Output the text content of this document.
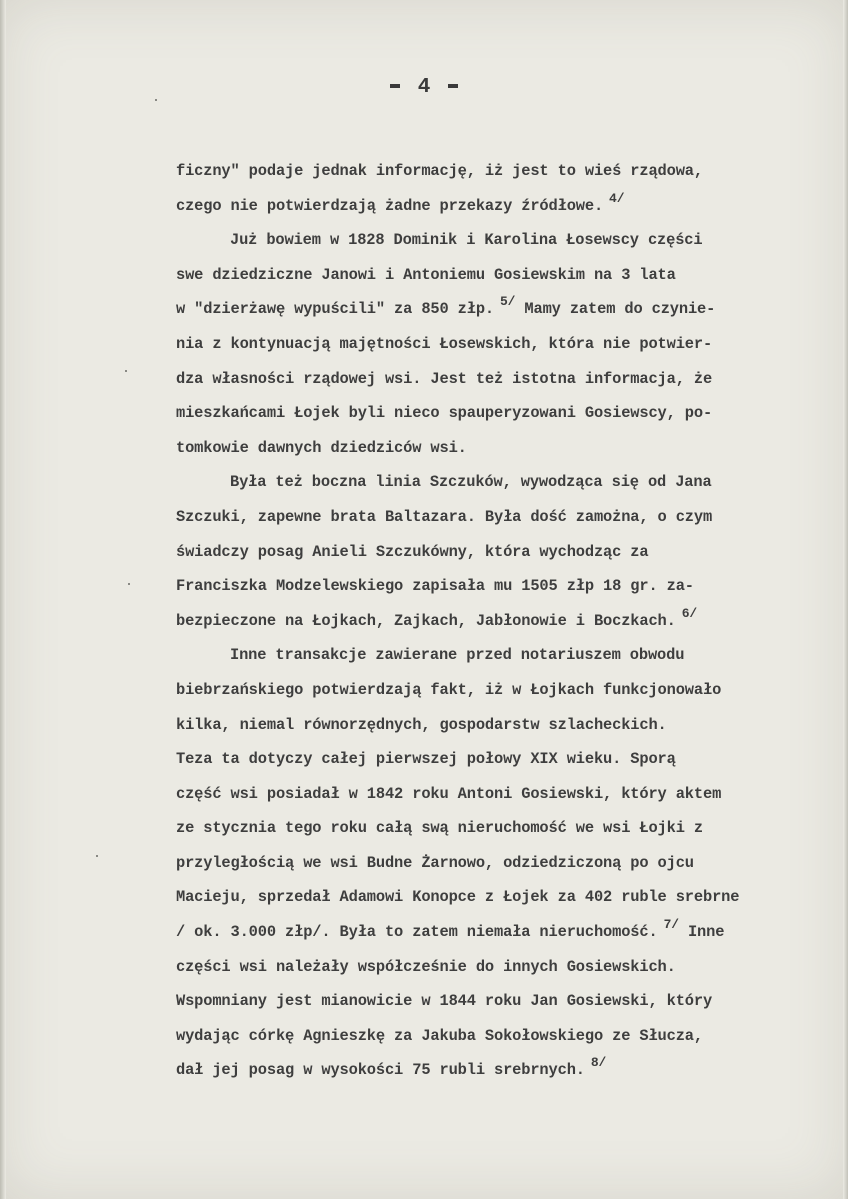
4
ficzny" podaje jednak informację, iż jest to wieś rządowa,
czego nie potwierdzają żadne przekazy źródłowe. $^{4/}$
Już bowiem w 1828 Dominik i Karolina Łosewscy części
swe dziedziczne Janowi i Antoniemu Gosiewskim na 3 lata
w "dzierżawę wypuścili" za 850 złp. $^{5/}$ Mamy zatem do czynie-
nia z kontynuacją majętności Łosewskich, która nie potwier-
dza własności rządowej wsi. Jest też istotna informacja, że
mieszkańcami Łojek byli nieco spauperyzowani Gosiewscy, po-
tomkowie dawnych dziedziców wsi.
Była też boczna linia Szczuków, wywodząca się od Jana
Szczuki, zapewne brata Baltazara. Była dość zamożna, o czym
świadczy posag Anieli Szczukówny, która wychodząc za
Franciszka Modzelewskiego zapisała mu 1505 złp 18 gr. za-
bezpieczone na Łojkach, Zajkach, Jabłonowie i Boczkach. $^{6/}$
Inne transakcje zawierane przed notariuszem obwodu
biebrzańskiego potwierdzają fakt, iż w Łojkach funkcjonowało
kilka, niemal równorzędnych, gospodarstw szlacheckich.
Teza ta dotyczy całej pierwszej połowy XIX wieku. Sporą
część wsi posiadał w 1842 roku Antoni Gosiewski, który aktem
ze stycznia tego roku całą swą nieruchomość we wsi Łojki z
przyległością we wsi Budne Żarnowo, odziedziczoną po ojcu
Macieju, sprzedał Adamowi Konopce z Łojek za 402 ruble srebrne
/ ok. 3.000 złp/. Była to zatem niemała nieruchomość. $^{7/}$ Inne
części wsi należały współcześnie do innych Gosiewskich.
Wspomniany jest mianowicie w 1844 roku Jan Gosiewski, który
wydając córkę Agnieszkę za Jakuba Sokołowskiego ze Słucza,
dał jej posag w wysokości 75 rubli srebrnych. $^{8/}$
